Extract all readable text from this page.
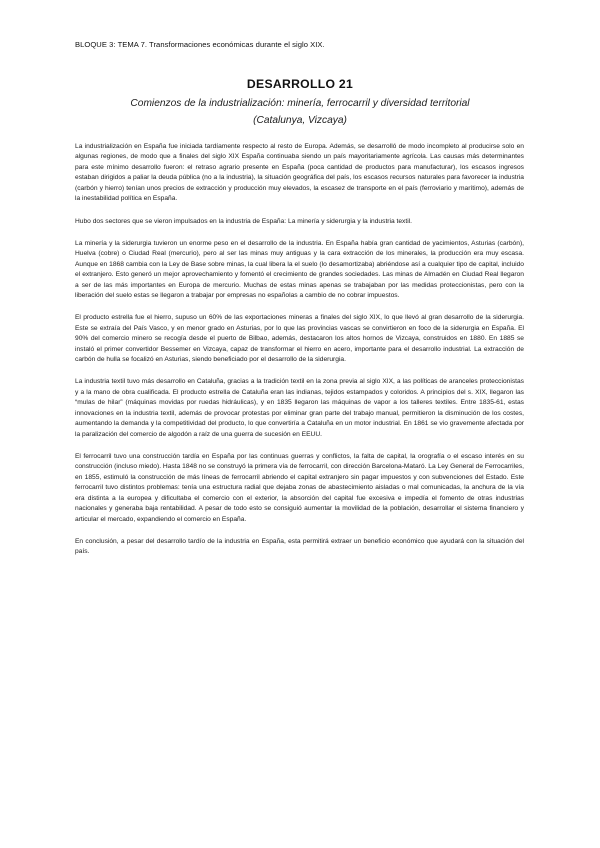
BLOQUE 3: TEMA 7. Transformaciones económicas durante el siglo XIX.
DESARROLLO 21
Comienzos de la industrialización: minería, ferrocarril y diversidad territorial
(Catalunya, Vizcaya)

La industrialización en España fue iniciada tardíamente respecto al resto de Europa. Además, se desarrolló de modo incompleto al producirse solo en algunas regiones, de modo que a finales del siglo XIX España continuaba siendo un país mayoritariamente agrícola. Las causas más determinantes para este mínimo desarrollo fueron: el retraso agrario presente en España (poca cantidad de productos para manufacturar), los escasos ingresos estaban dirigidos a paliar la deuda pública (no a la industria), la situación geográfica del país, los escasos recursos naturales para favorecer la industria (carbón y hierro) tenían unos precios de extracción y producción muy elevados, la escasez de transporte en el país (ferroviario y marítimo), además de la inestabilidad política en España.

Hubo dos sectores que se vieron impulsados en la industria de España: La minería y siderurgia y la industria textil.

La minería y la siderurgia tuvieron un enorme peso en el desarrollo de la industria. En España había gran cantidad de yacimientos, Asturias (carbón), Huelva (cobre) o Ciudad Real (mercurio), pero al ser las minas muy antiguas y la cara extracción de los minerales, la producción era muy escasa. Aunque en 1868 cambia con la Ley de Base sobre minas, la cual libera la el suelo (lo desamortizaba) abriéndose así a cualquier tipo de capital, incluido el extranjero. Esto generó un mejor aprovechamiento y fomentó el crecimiento de grandes sociedades. Las minas de Almadén en Ciudad Real llegaron a ser de las más importantes en Europa de mercurio. Muchas de estas minas apenas se trabajaban por las medidas proteccionistas, pero con la liberación del suelo estas se llegaron a trabajar por empresas no españolas a cambio de no cobrar impuestos.

El producto estrella fue el hierro, supuso un 60% de las exportaciones mineras a finales del siglo XIX, lo que llevó al gran desarrollo de la siderurgia. Este se extraía del País Vasco, y en menor grado en Asturias, por lo que las provincias vascas se convirtieron en foco de la siderurgia en España. El 90% del comercio minero se recogía desde el puerto de Bilbao, además, destacaron los altos hornos de Vizcaya, construidos en 1880. En 1885 se instaló el primer convertidor Bessemer en Vizcaya, capaz de transformar el hierro en acero, importante para el desarrollo industrial. La extracción de carbón de hulla se focalizó en Asturias, siendo beneficiado por el desarrollo de la siderurgia.

La industria textil tuvo más desarrollo en Cataluña, gracias a la tradición textil en la zona previa al siglo XIX, a las políticas de aranceles proteccionistas y a la mano de obra cualificada. El producto estrella de Cataluña eran las indianas, tejidos estampados y coloridos. A principios del s. XIX, llegaron las “mulas de hilar” (máquinas movidas por ruedas hidráulicas), y en 1835 llegaron las máquinas de vapor a los talleres textiles. Entre 1835-61, estas innovaciones en la industria textil, además de provocar protestas por eliminar gran parte del trabajo manual, permitieron la disminución de los costes, aumentando la demanda y la competitividad del producto, lo que convertiría a Cataluña en un motor industrial. En 1861 se vio gravemente afectada por la paralización del comercio de algodón a raíz de una guerra de sucesión en EEUU.

El ferrocarril tuvo una construcción tardía en España por las continuas guerras y conflictos, la falta de capital, la orografía o el escaso interés en su construcción (incluso miedo). Hasta 1848 no se construyó la primera vía de ferrocarril, con dirección Barcelona-Mataró. La Ley General de Ferrocarriles, en 1855, estimuló la construcción de más líneas de ferrocarril abriendo el capital extranjero sin pagar impuestos y con subvenciones del Estado. Este ferrocarril tuvo distintos problemas: tenía una estructura radial que dejaba zonas de abastecimiento aisladas o mal comunicadas, la anchura de la vía era distinta a la europea y dificultaba el comercio con el exterior, la absorción del capital fue excesiva e impedía el fomento de otras industrias nacionales y generaba baja rentabilidad. A pesar de todo esto se consiguió aumentar la movilidad de la población, desarrollar el sistema financiero y articular el mercado, expandiendo el comercio en España.

En conclusión, a pesar del desarrollo tardío de la industria en España, esta permitirá extraer un beneficio económico que ayudará con la situación del país.
